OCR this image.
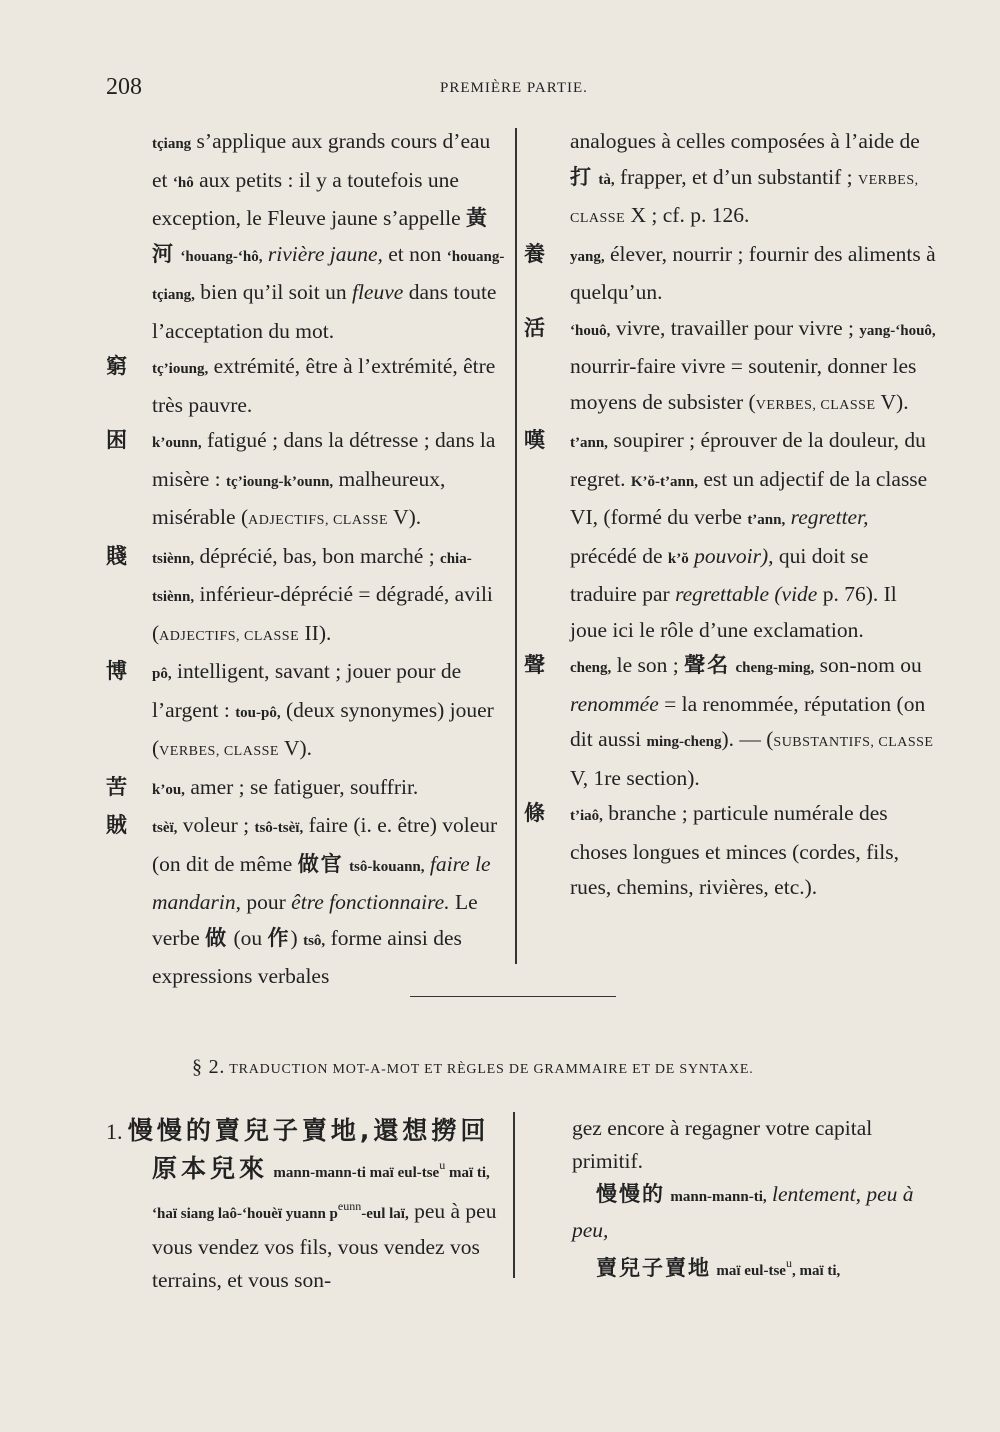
208	PREMIÈRE PARTIE.
tçiang s’applique aux grands cours d’eau et ‘hô aux petits : il y a toutefois une exception, le Fleuve jaune s’appelle 黃河 ‘houang-‘hô, rivière jaune, et non ‘houang-tçiang, bien qu’il soit un fleuve dans toute l’acceptation du mot.
窮 tç’ioung, extrémité, être à l’extrémité, être très pauvre.
困 k’ounn, fatigué ; dans la détresse ; dans la misère : tç’ioung-k’ounn, malheureux, misérable (ADJECTIFS, CLASSE V).
賤 tsiènn, déprécié, bas, bon marché ; chia-tsiènn, inférieur-déprécié = dégradé, avili (ADJECTIFS, CLASSE II).
博 pô, intelligent, savant ; jouer pour de l’argent : tou-pô, (deux synonymes) jouer (VERBES, CLASSE V).
苦 k’ou, amer ; se fatiguer, souffrir.
賊 tsèï, voleur ; tsô-tsèï, faire (i. e. être) voleur (on dit de même 做官 tsô-kouann, faire le mandarin, pour être fonctionnaire. Le verbe 做 (ou 作) tsô, forme ainsi des expressions verbales
analogues à celles composées à l’aide de 打 tà, frapper, et d’un substantif ; VERBES, CLASSE X ; cf. p. 126.
養 yang, élever, nourrir ; fournir des aliments à quelqu’un.
活 ‘houô, vivre, travailler pour vivre ; yang-‘houô, nourrir-faire vivre = soutenir, donner les moyens de subsister (VERBES, CLASSE V).
嘆 t’ann, soupirer ; éprouver de la douleur, du regret. K’ŏ-t’ann, est un adjectif de la classe VI, (formé du verbe t’ann, regretter, précédé de k’ŏ pouvoir), qui doit se traduire par regrettable (vide p. 76). Il joue ici le rôle d’une exclamation.
聲 cheng, le son ; 聲名 cheng-ming, son-nom ou renommée = la renommée, réputation (on dit aussi ming-cheng). — (SUBSTANTIFS, CLASSE V, 1re section).
條 t’iaô, branche ; particule numérale des choses longues et minces (cordes, fils, rues, chemins, rivières, etc.).
§ 2. TRADUCTION MOT-A-MOT ET RÈGLES DE GRAMMAIRE ET DE SYNTAXE.
1. 慢慢的賣兒子賣地,還想撈回
原本兒來 mann-mann-ti maï eul-tse$^u$ maï ti, ‘haï siang laô-‘houèï yuann $p^{eunn}$-eul laï, peu à peu vous vendez vos fils, vous vendez vos terrains, et vous son-
gez encore à regagner votre capital primitif.
慢慢的 mann-mann-ti, lentement, peu à peu,
賣兒子賣地 maï eul-tse$^u$, maï ti,
